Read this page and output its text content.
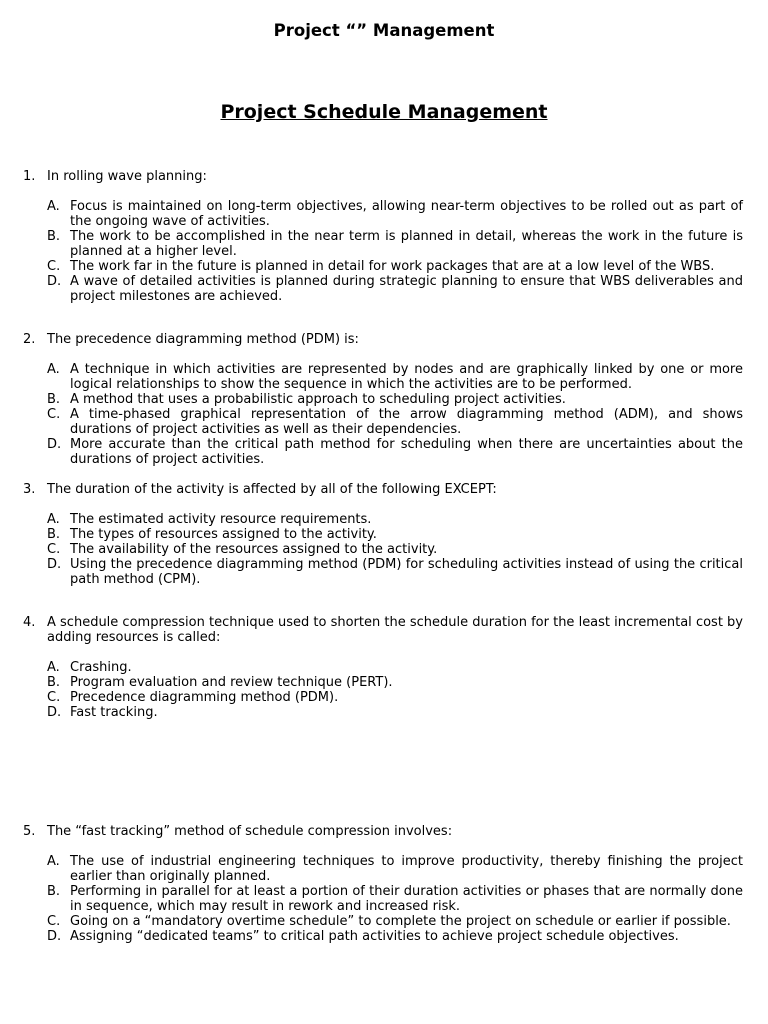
Project “” Management
Project Schedule Management
1. In rolling wave planning:
A. Focus is maintained on long-term objectives, allowing near-term objectives to be rolled out as part of the ongoing wave of activities.
B. The work to be accomplished in the near term is planned in detail, whereas the work in the future is planned at a higher level.
C. The work far in the future is planned in detail for work packages that are at a low level of the WBS.
D. A wave of detailed activities is planned during strategic planning to ensure that WBS deliverables and project milestones are achieved.
2. The precedence diagramming method (PDM) is:
A. A technique in which activities are represented by nodes and are graphically linked by one or more logical relationships to show the sequence in which the activities are to be performed.
B. A method that uses a probabilistic approach to scheduling project activities.
C. A time-phased graphical representation of the arrow diagramming method (ADM), and shows durations of project activities as well as their dependencies.
D. More accurate than the critical path method for scheduling when there are uncertainties about the durations of project activities.
3. The duration of the activity is affected by all of the following EXCEPT:
A. The estimated activity resource requirements.
B. The types of resources assigned to the activity.
C. The availability of the resources assigned to the activity.
D. Using the precedence diagramming method (PDM) for scheduling activities instead of using the critical path method (CPM).
4. A schedule compression technique used to shorten the schedule duration for the least incremental cost by adding resources is called:
A. Crashing.
B. Program evaluation and review technique (PERT).
C. Precedence diagramming method (PDM).
D. Fast tracking.
5. The “fast tracking” method of schedule compression involves:
A. The use of industrial engineering techniques to improve productivity, thereby finishing the project earlier than originally planned.
B. Performing in parallel for at least a portion of their duration activities or phases that are normally done in sequence, which may result in rework and increased risk.
C. Going on a “mandatory overtime schedule” to complete the project on schedule or earlier if possible.
D. Assigning “dedicated teams” to critical path activities to achieve project schedule objectives.
